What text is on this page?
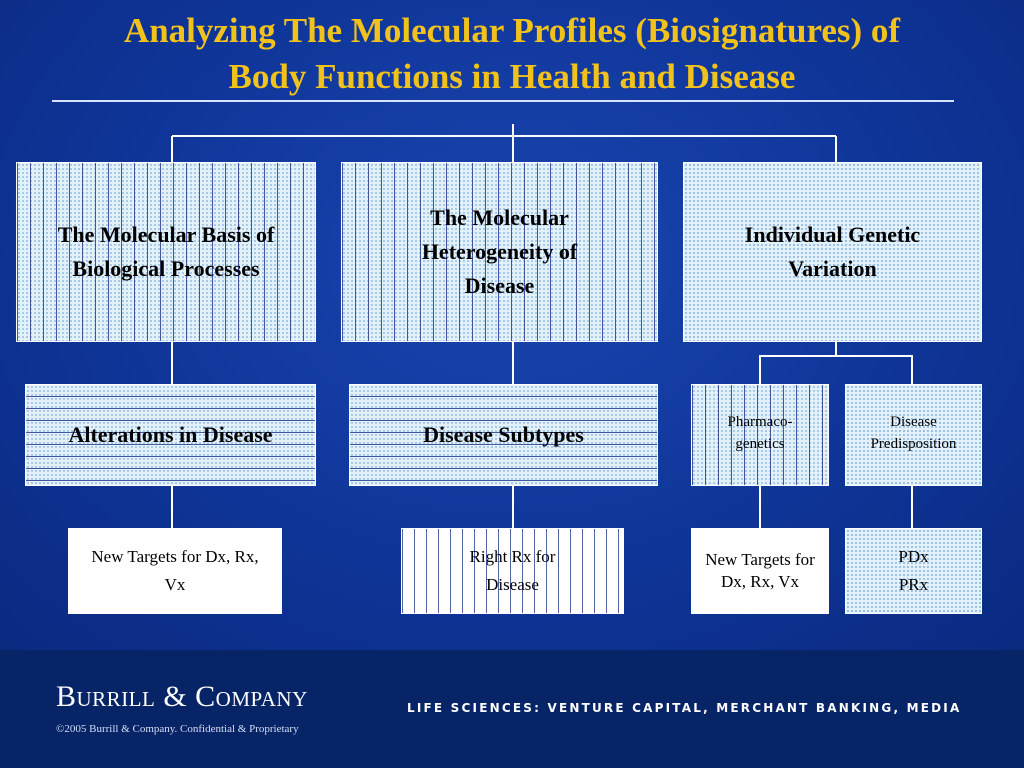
Analyzing The Molecular Profiles (Biosignatures) of
Body Functions in Health and Disease
The Molecular Basis of Biological Processes
The Molecular Heterogeneity of Disease
Individual Genetic Variation
Alterations in Disease	Disease Subtypes	Pharmaco-genetics
Disease Predisposition
New Targets for Dx, Rx, Vx
Right Rx for Disease
New Targets for Dx, Rx, Vx
PDx PRx
Burrill & Company
©2005 Burrill & Company. Confidential & Proprietary
LIFE SCIENCES: VENTURE CAPITAL, MERCHANT BANKING, MEDIA
